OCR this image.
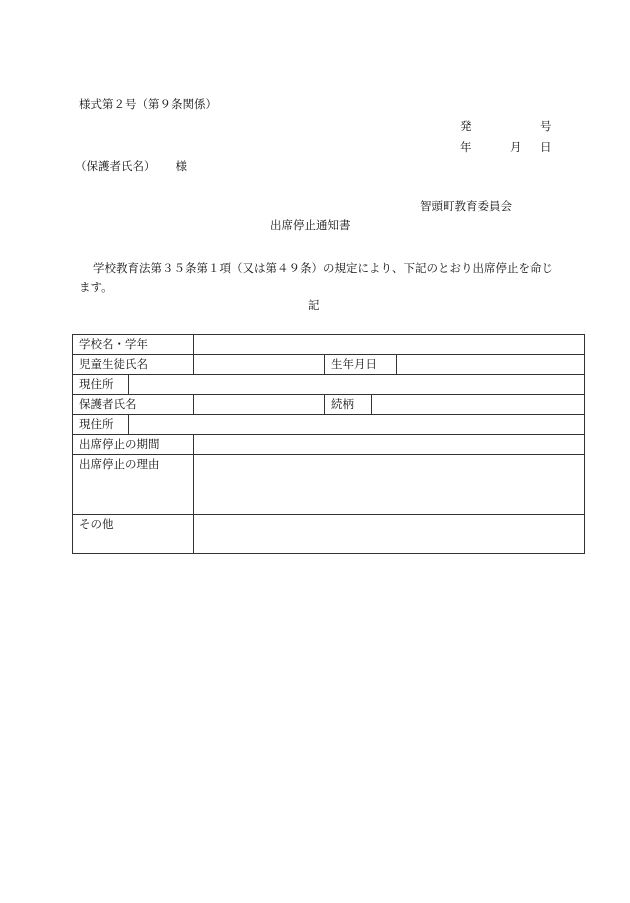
様式第２号（第９条関係）
発	号
年	月 日
（保護者氏名） 様
智頭町教育委員会
出席停止通知書
学校教育法第３５条第１項（又は第４９条）の規定により、下記のとおり出席停止を命じます。
記
学校名・学年					
児童生徒氏名			生年月日		
現住所					
保護者氏名			続柄		
現住所					
出席停止の期間					
出席停止の理由					
その他					
